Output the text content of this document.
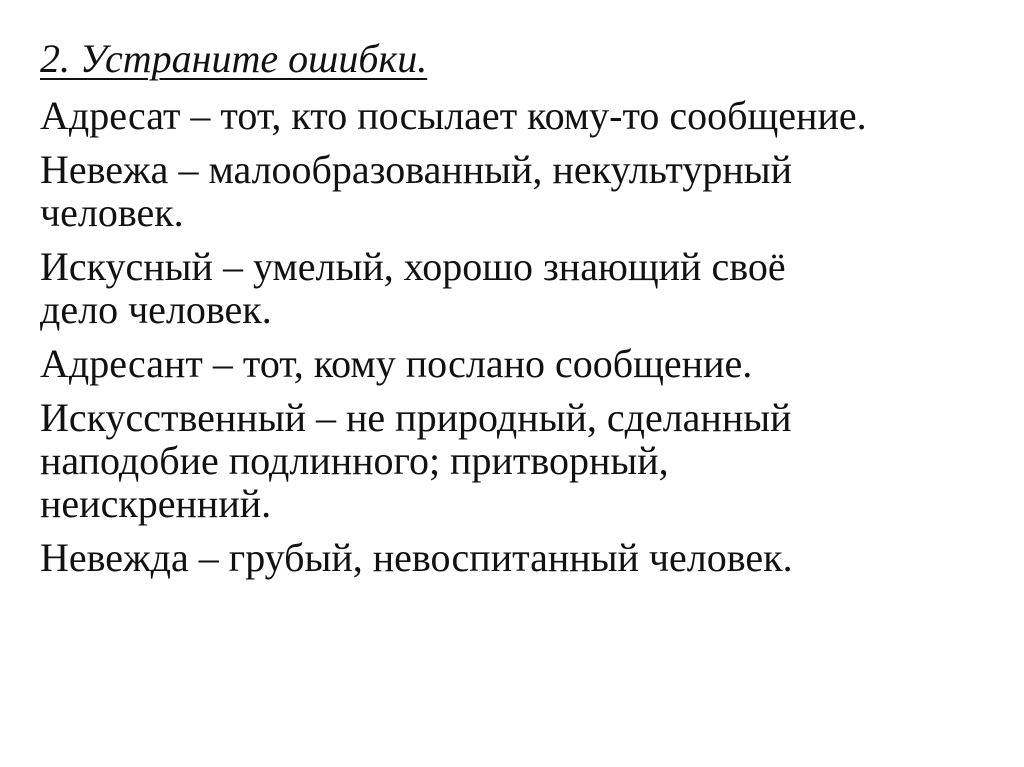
2. Устраните ошибки.
Адресат – тот, кто посылает кому-то сообщение.
Невежа – малообразованный, некультурный
человек.
Искусный – умелый, хорошо знающий своё
дело человек.
Адресант – тот, кому послано сообщение.
Искусственный – не природный, сделанный
наподобие подлинного; притворный,
неискренний.
Невежда – грубый, невоспитанный человек.
